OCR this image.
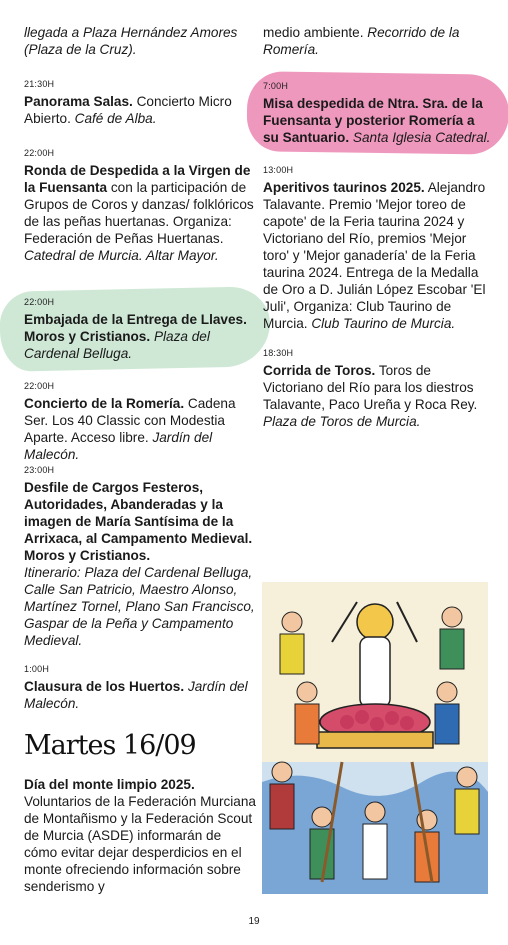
llegada a Plaza Hernández Amores (Plaza de la Cruz).
21:30H
Panorama Salas. Concierto Micro Abierto. Café de Alba.
22:00H
Ronda de Despedida a la Virgen de la Fuensanta con la participación de Grupos de Coros y danzas/ folklóricos de las peñas huertanas. Organiza: Federación de Peñas Huertanas. Catedral de Murcia. Altar Mayor.
22:00H
Embajada de la Entrega de Llaves. Moros y Cristianos. Plaza del Cardenal Belluga.
22:00H
Concierto de la Romería. Cadena Ser. Los 40 Classic con Modestia Aparte. Acceso libre. Jardín del Malecón.
23:00H
Desfile de Cargos Festeros, Autoridades, Abanderadas y la imagen de María Santísima de la Arrixaca, al Campamento Medieval. Moros y Cristianos.
Itinerario: Plaza del Cardenal Belluga, Calle San Patricio, Maestro Alonso, Martínez Tornel, Plano San Francisco, Gaspar de la Peña y Campamento Medieval.
1:00H
Clausura de los Huertos. Jardín del Malecón.
Martes 16/09
Día del monte limpio 2025. Voluntarios de la Federación Murciana de Montañismo y la Federación Scout de Murcia (ASDE) informarán de cómo evitar dejar desperdicios en el monte ofreciendo información sobre senderismo y
medio ambiente. Recorrido de la Romería.
7:00H
Misa despedida de Ntra. Sra. de la Fuensanta y posterior Romería a su Santuario. Santa Iglesia Catedral.
13:00H
Aperitivos taurinos 2025. Alejandro Talavante. Premio 'Mejor toreo de capote' de la Feria taurina 2024 y Victoriano del Río, premios 'Mejor toro' y 'Mejor ganadería' de la Feria taurina 2024. Entrega de la Medalla de Oro a D. Julián López Escobar 'El Juli', Organiza: Club Taurino de Murcia. Club Taurino de Murcia.
18:30H
Corrida de Toros. Toros de Victoriano del Río para los diestros Talavante, Paco Ureña y Roca Rey. Plaza de Toros de Murcia.
19
